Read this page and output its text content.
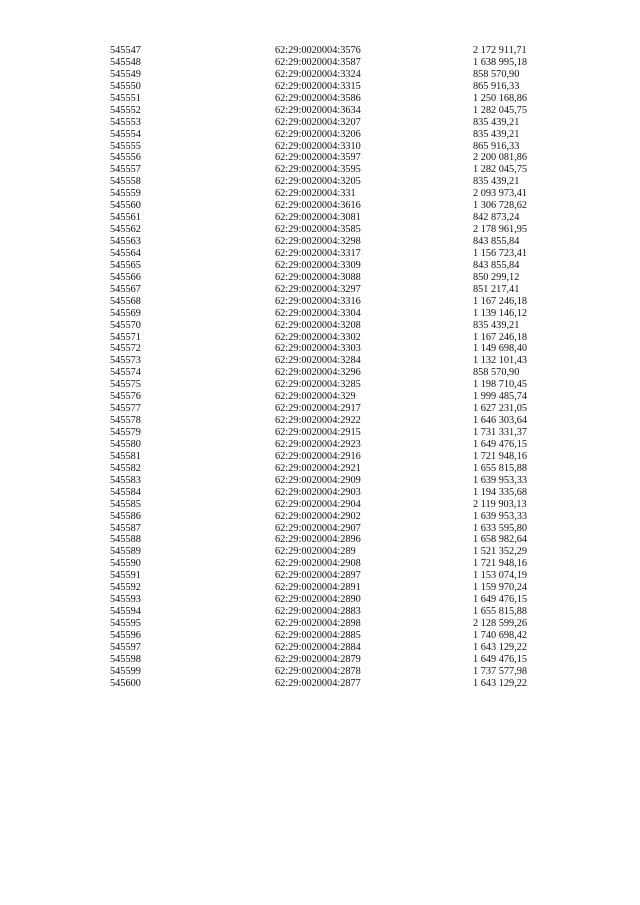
545547	62:29:0020004:3576	2 172 911,71
545548	62:29:0020004:3587	1 638 995,18
545549	62:29:0020004:3324	858 570,90
545550	62:29:0020004:3315	865 916,33
545551	62:29:0020004:3586	1 250 168,86
545552	62:29:0020004:3634	1 282 045,75
545553	62:29:0020004:3207	835 439,21
545554	62:29:0020004:3206	835 439,21
545555	62:29:0020004:3310	865 916,33
545556	62:29:0020004:3597	2 200 081,86
545557	62:29:0020004:3595	1 282 045,75
545558	62:29:0020004:3205	835 439,21
545559	62:29:0020004:331	2 093 973,41
545560	62:29:0020004:3616	1 306 728,62
545561	62:29:0020004:3081	842 873,24
545562	62:29:0020004:3585	2 178 961,95
545563	62:29:0020004:3298	843 855,84
545564	62:29:0020004:3317	1 156 723,41
545565	62:29:0020004:3309	843 855,84
545566	62:29:0020004:3088	850 299,12
545567	62:29:0020004:3297	851 217,41
545568	62:29:0020004:3316	1 167 246,18
545569	62:29:0020004:3304	1 139 146,12
545570	62:29:0020004:3208	835 439,21
545571	62:29:0020004:3302	1 167 246,18
545572	62:29:0020004:3303	1 149 698,40
545573	62:29:0020004:3284	1 132 101,43
545574	62:29:0020004:3296	858 570,90
545575	62:29:0020004:3285	1 198 710,45
545576	62:29:0020004:329	1 999 485,74
545577	62:29:0020004:2917	1 627 231,05
545578	62:29:0020004:2922	1 646 303,64
545579	62:29:0020004:2915	1 731 331,37
545580	62:29:0020004:2923	1 649 476,15
545581	62:29:0020004:2916	1 721 948,16
545582	62:29:0020004:2921	1 655 815,88
545583	62:29:0020004:2909	1 639 953,33
545584	62:29:0020004:2903	1 194 335,68
545585	62:29:0020004:2904	2 119 903,13
545586	62:29:0020004:2902	1 639 953,33
545587	62:29:0020004:2907	1 633 595,80
545588	62:29:0020004:2896	1 658 982,64
545589	62:29:0020004:289	1 521 352,29
545590	62:29:0020004:2908	1 721 948,16
545591	62:29:0020004:2897	1 153 074,19
545592	62:29:0020004:2891	1 159 970,24
545593	62:29:0020004:2890	1 649 476,15
545594	62:29:0020004:2883	1 655 815,88
545595	62:29:0020004:2898	2 128 599,26
545596	62:29:0020004:2885	1 740 698,42
545597	62:29:0020004:2884	1 643 129,22
545598	62:29:0020004:2879	1 649 476,15
545599	62:29:0020004:2878	1 737 577,98
545600	62:29:0020004:2877	1 643 129,22
